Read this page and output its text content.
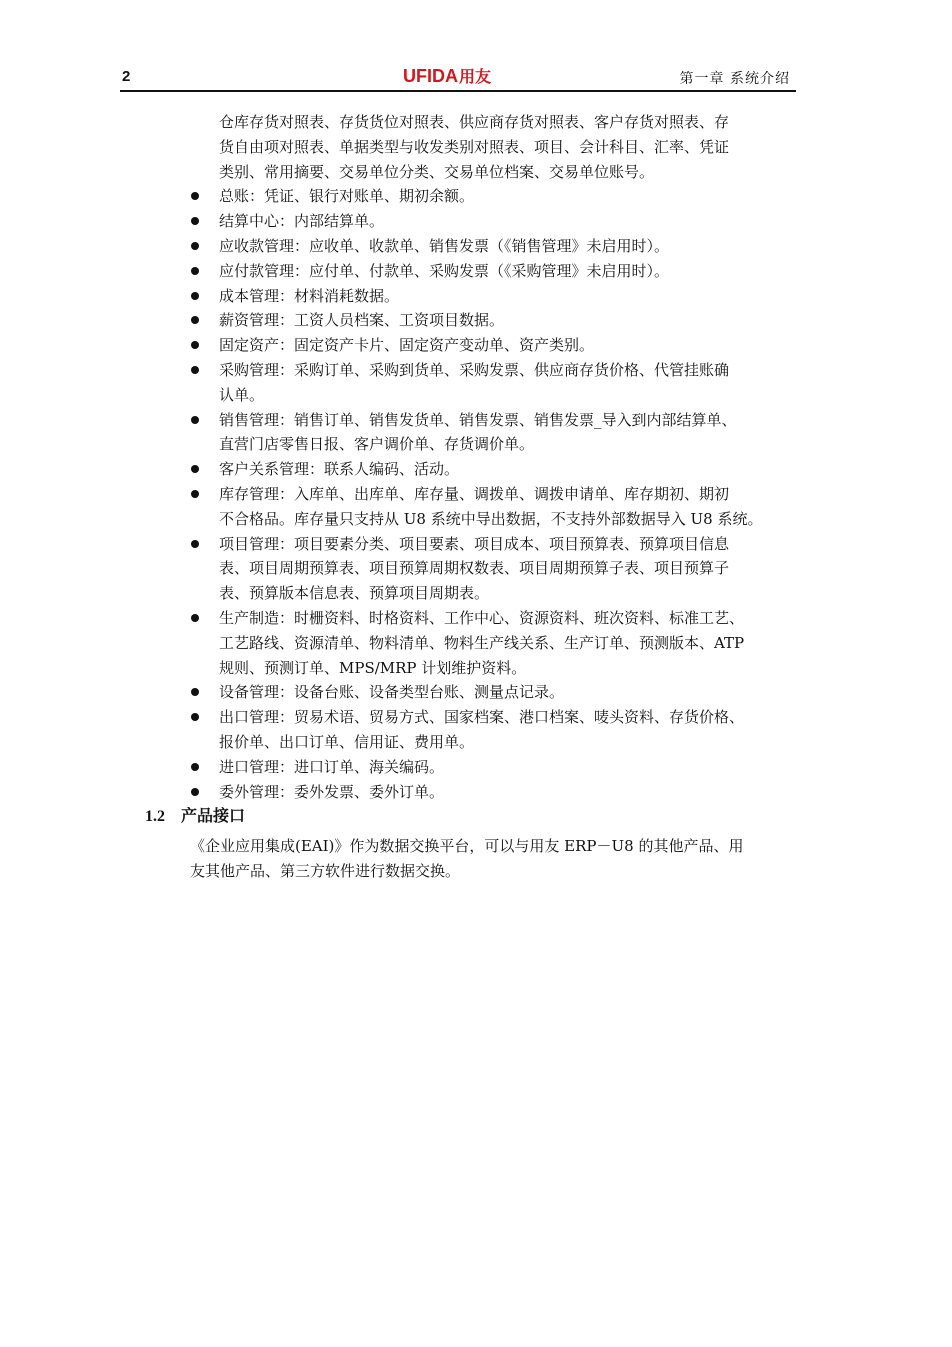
2	UFIDA用友	第一章 系统介绍
仓库存货对照表、存货货位对照表、供应商存货对照表、客户存货对照表、存
货自由项对照表、单据类型与收发类别对照表、项目、会计科目、汇率、凭证
类别、常用摘要、交易单位分类、交易单位档案、交易单位账号。
总账：凭证、银行对账单、期初余额。
结算中心：内部结算单。
应收款管理：应收单、收款单、销售发票（《销售管理》未启用时）。
应付款管理：应付单、付款单、采购发票（《采购管理》未启用时）。
成本管理：材料消耗数据。
薪资管理：工资人员档案、工资项目数据。
固定资产：固定资产卡片、固定资产变动单、资产类别。
采购管理：采购订单、采购到货单、采购发票、供应商存货价格、代管挂账确
认单。
销售管理：销售订单、销售发货单、销售发票、销售发票_导入到内部结算单、
直营门店零售日报、客户调价单、存货调价单。
客户关系管理：联系人编码、活动。
库存管理：入库单、出库单、库存量、调拨单、调拨申请单、库存期初、期初
不合格品。库存量只支持从 U8 系统中导出数据，不支持外部数据导入 U8 系统。
项目管理：项目要素分类、项目要素、项目成本、项目预算表、预算项目信息
表、项目周期预算表、项目预算周期权数表、项目周期预算子表、项目预算子
表、预算版本信息表、预算项目周期表。
生产制造：时栅资料、时格资料、工作中心、资源资料、班次资料、标准工艺、
工艺路线、资源清单、物料清单、物料生产线关系、生产订单、预测版本、ATP
规则、预测订单、MPS/MRP 计划维护资料。
设备管理：设备台账、设备类型台账、测量点记录。
出口管理：贸易术语、贸易方式、国家档案、港口档案、唛头资料、存货价格、
报价单、出口订单、信用证、费用单。
进口管理：进口订单、海关编码。
委外管理：委外发票、委外订单。
1.2 产品接口
《企业应用集成(EAI)》作为数据交换平台，可以与用友 ERP－U8 的其他产品、用
友其他产品、第三方软件进行数据交换。
